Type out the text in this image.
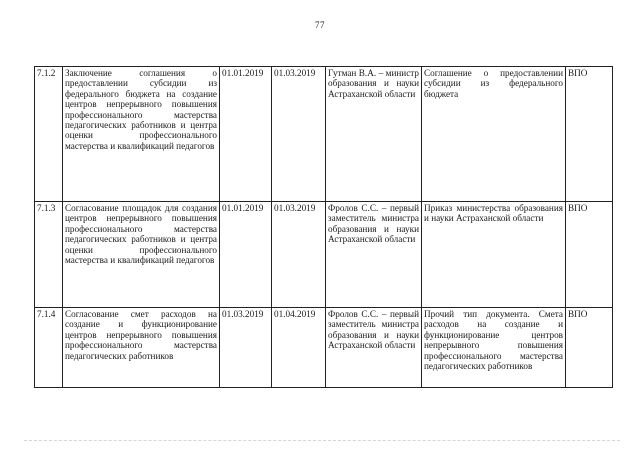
77
7.1.2	Заключение соглашения о предоставлении субсидии из федерального бюджета на создание центров непрерывного повышения профессионального мастерства педагогических работников и центра оценки профессионального мастерства и квалификаций педагогов	01.01.2019	01.03.2019	Гутман В.А. – министр образования и науки Астраханской области	Соглашение о предоставлении субсидии из федерального бюджета	ВПО
7.1.3	Согласование площадок для создания центров непрерывного повышения профессионального мастерства педагогических работников и центра оценки профессионального мастерства и квалификаций педагогов	01.01.2019	01.03.2019	Фролов С.С. – первый заместитель министра образования и науки Астраханской области	Приказ министерства образования и науки Астраханской области	ВПО
7.1.4	Согласование смет расходов на создание и функционирование центров непрерывного повышения профессионального мастерства педагогических работников	01.03.2019	01.04.2019	Фролов С.С. – первый заместитель министра образования и науки Астраханской области	Прочий тип документа. Смета расходов на создание и функционирование центров непрерывного повышения профессионального мастерства педагогических работников	ВПО
